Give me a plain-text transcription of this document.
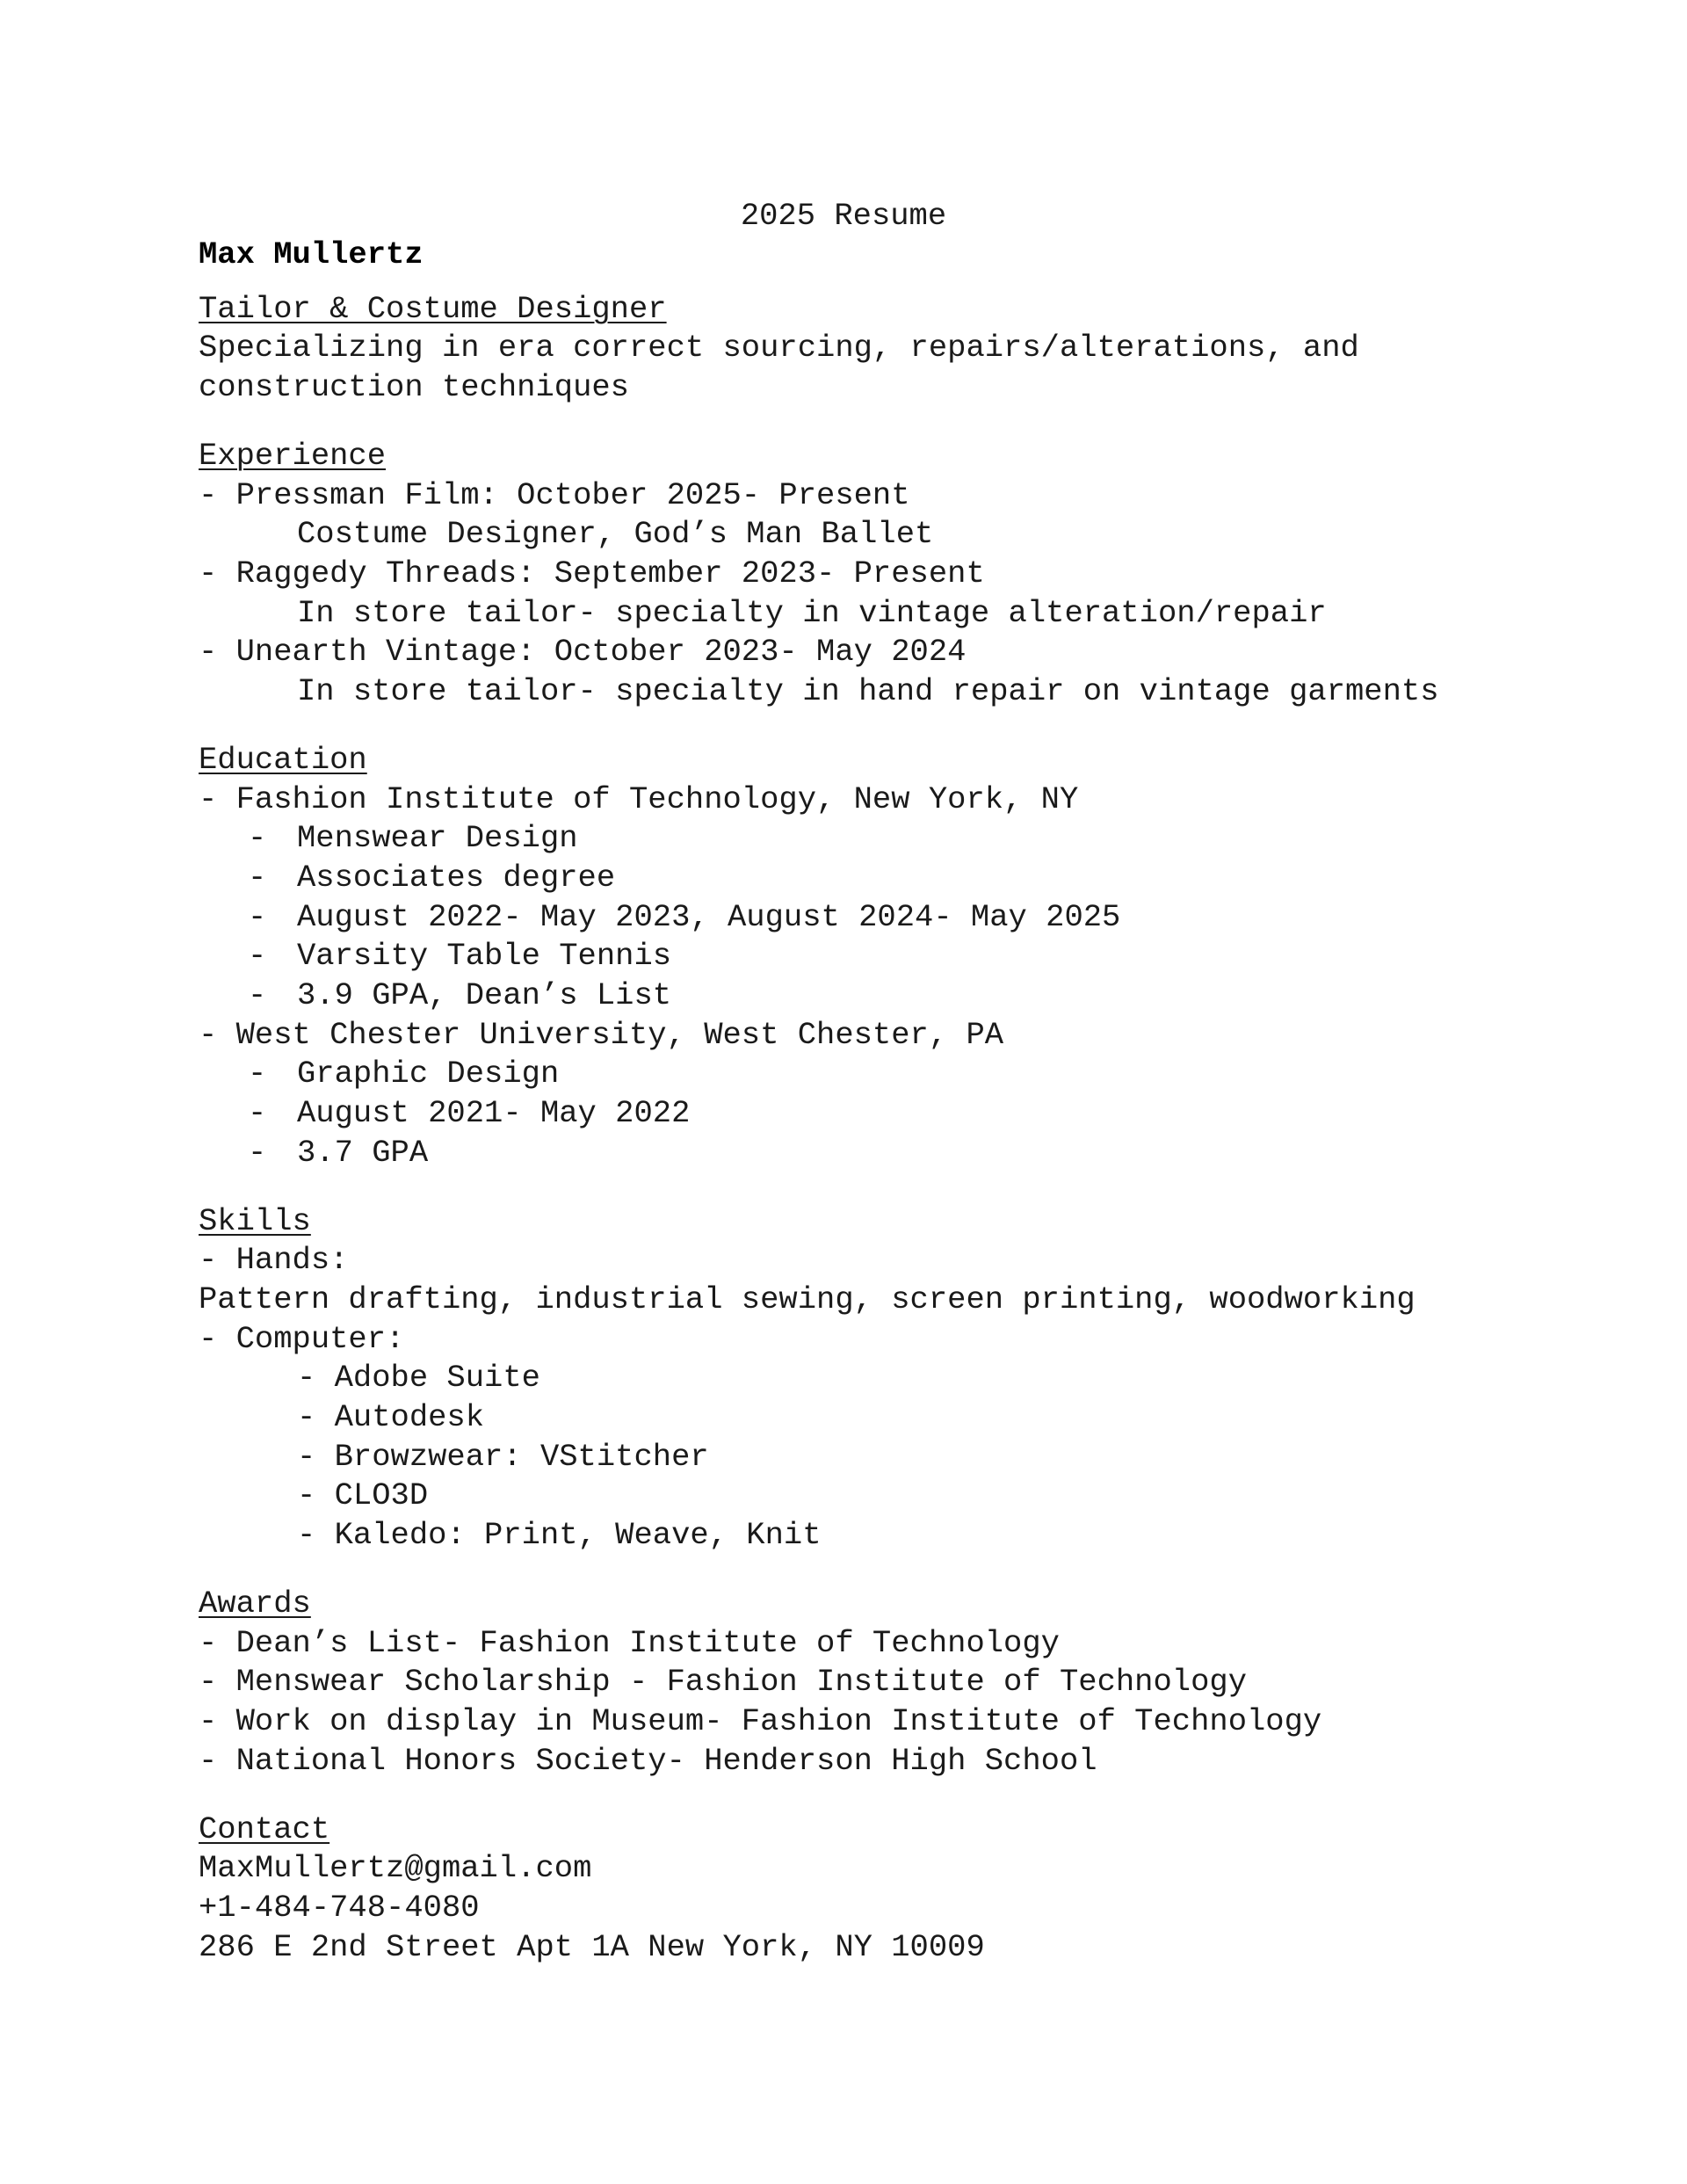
2025 Resume

Max Mullertz

Tailor & Costume Designer

Specializing in era correct sourcing, repairs/alterations, and

construction techniques

Experience

- Pressman Film: October 2025- Present

Costume Designer, God’s Man Ballet

- Raggedy Threads: September 2023- Present

In store tailor- specialty in vintage alteration/repair

- Unearth Vintage: October 2023- May 2024

In store tailor- specialty in hand repair on vintage garments

Education

- Fashion Institute of Technology, New York, NY

- Menswear Design

- Associates degree

- August 2022- May 2023, August 2024- May 2025

- Varsity Table Tennis

- 3.9 GPA, Dean’s List

- West Chester University, West Chester, PA

- Graphic Design

- August 2021- May 2022

- 3.7 GPA

Skills

- Hands:

Pattern drafting, industrial sewing, screen printing, woodworking

- Computer:

- Adobe Suite

- Autodesk

- Browzwear: VStitcher

- CLO3D

- Kaledo: Print, Weave, Knit

Awards

- Dean’s List- Fashion Institute of Technology

- Menswear Scholarship - Fashion Institute of Technology

- Work on display in Museum- Fashion Institute of Technology

- National Honors Society- Henderson High School

Contact

MaxMullertz@gmail.com

+1-484-748-4080

286 E 2nd Street Apt 1A New York, NY 10009
